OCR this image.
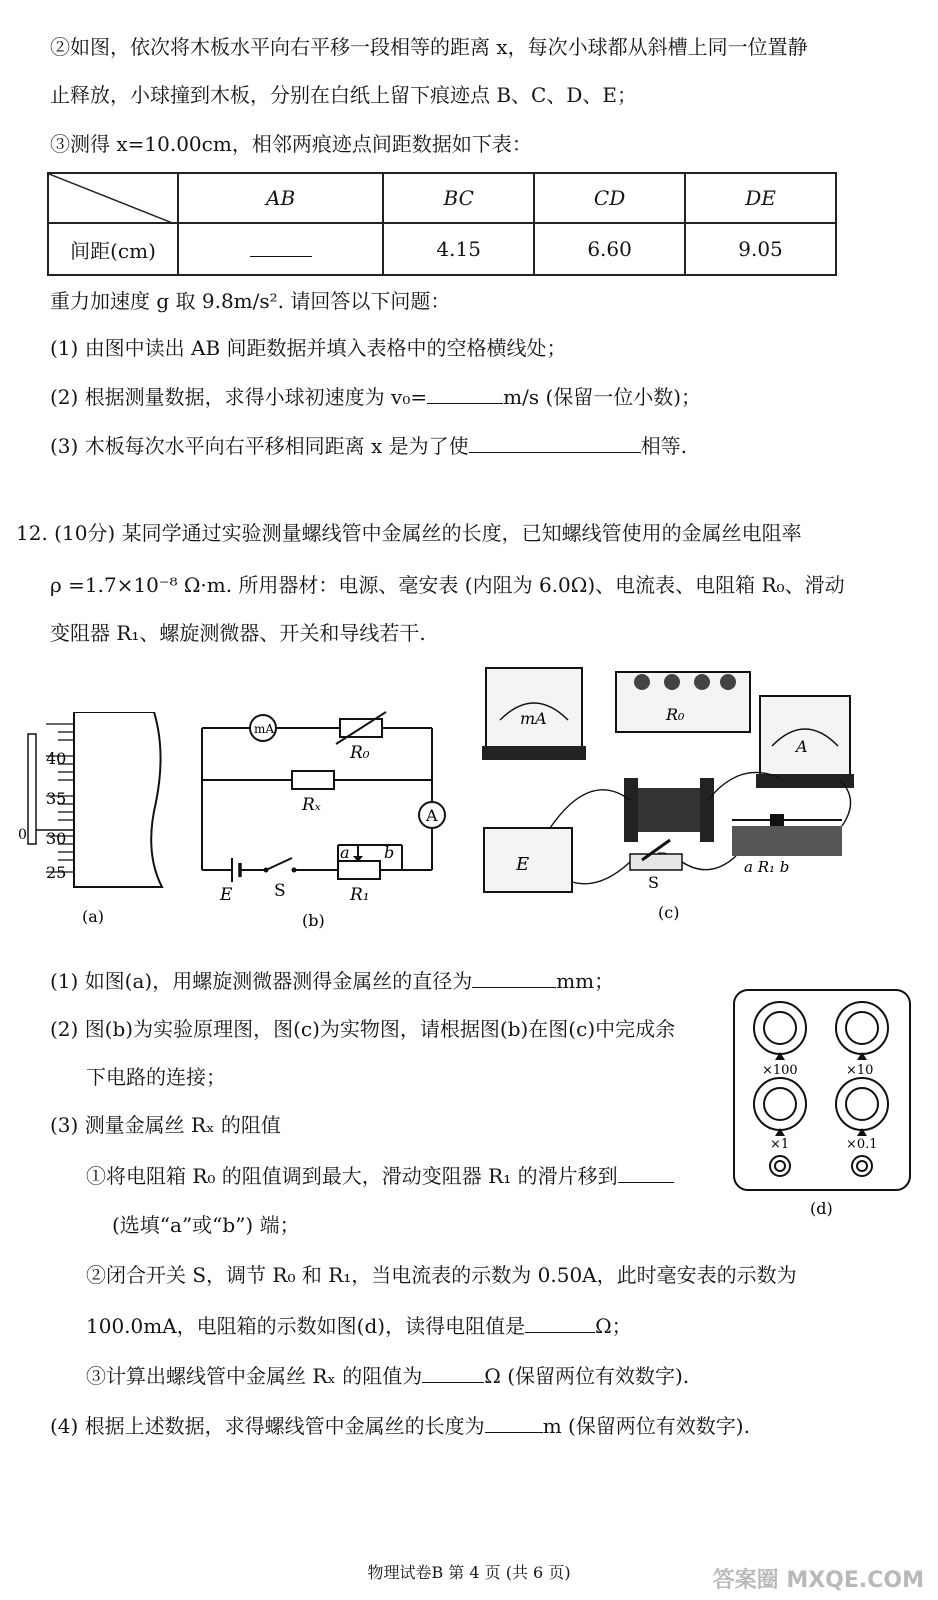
②如图，依次将木板水平向右平移一段相等的距离 x，每次小球都从斜槽上同一位置静
止释放，小球撞到木板，分别在白纸上留下痕迹点 B、C、D、E；
③测得 x=10.00cm，相邻两痕迹点间距数据如下表：
	AB	BC	CD	DE
间距(cm)		4.15	6.60	9.05
重力加速度 g 取 9.8m/s². 请回答以下问题：
(1) 由图中读出 AB 间距数据并填入表格中的空格横线处；
(2) 根据测量数据，求得小球初速度为 v₀=	m/s (保留一位小数)；
(3) 木板每次水平向右平移相同距离 x 是为了使	相等.
12. (10分) 某同学通过实验测量螺线管中金属丝的长度，已知螺线管使用的金属丝电阻率
ρ =1.7×10⁻⁸ Ω·m. 所用器材：电源、毫安表 (内阻为 6.0Ω)、电流表、电阻箱 R₀、滑动
变阻器 R₁、螺旋测微器、开关和导线若干.
0
40
35
30
25
(a)
mA
A
R₀
Rₓ
R₁
E S
a b
(b)
mA	R₀
A
E
S
a R₁ b
(c)
(1) 如图(a)，用螺旋测微器测得金属丝的直径为	mm；
(2) 图(b)为实验原理图，图(c)为实物图，请根据图(b)在图(c)中完成余
下电路的连接；
(3) 测量金属丝 Rₓ 的阻值
①将电阻箱 R₀ 的阻值调到最大，滑动变阻器 R₁ 的滑片移到
(选填“a”或“b”) 端；
②闭合开关 S，调节 R₀ 和 R₁，当电流表的示数为 0.50A，此时毫安表的示数为
100.0mA，电阻箱的示数如图(d)，读得电阻值是	Ω；
③计算出螺线管中金属丝 Rₓ 的阻值为	Ω (保留两位有效数字).
(4) 根据上述数据，求得螺线管中金属丝的长度为	m (保留两位有效数字).
×100	×10
×1	×0.1
(d)
物理试卷B 第 4 页 (共 6 页)	答案圈 MXQE.COM
